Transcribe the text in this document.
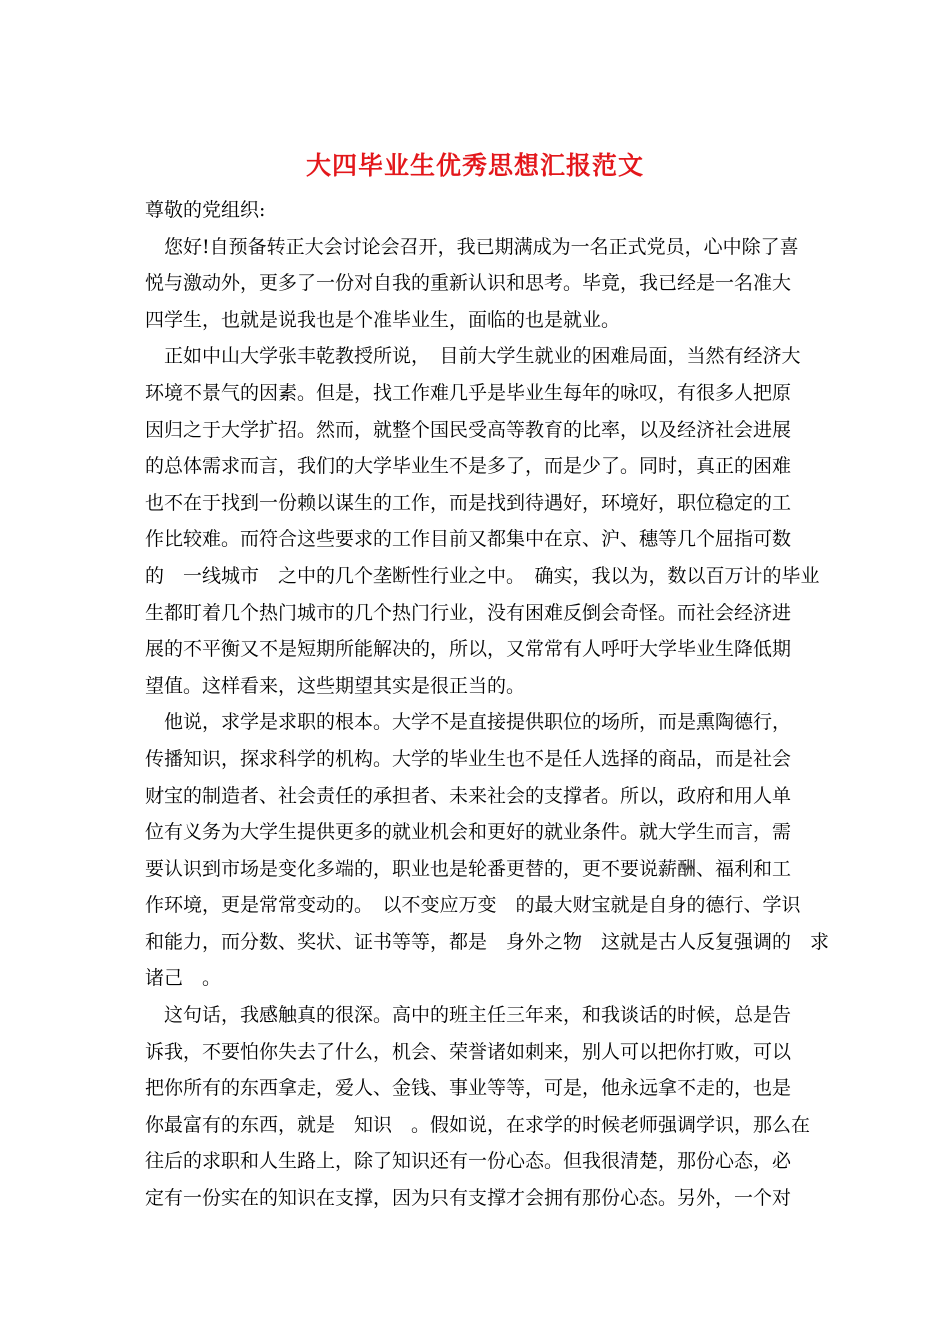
大四毕业生优秀思想汇报范文
尊敬的党组织:
　您好!自预备转正大会讨论会召开，我已期满成为一名正式党员，心中除了喜
悦与激动外，更多了一份对自我的重新认识和思考。毕竟，我已经是一名准大
四学生，也就是说我也是个准毕业生，面临的也是就业。
　正如中山大学张丰乾教授所说，　目前大学生就业的困难局面，当然有经济大
环境不景气的因素。但是，找工作难几乎是毕业生每年的咏叹，有很多人把原
因归之于大学扩招。然而，就整个国民受高等教育的比率，以及经济社会进展
的总体需求而言，我们的大学毕业生不是多了，而是少了。同时，真正的困难
也不在于找到一份赖以谋生的工作，而是找到待遇好，环境好，职位稳定的工
作比较难。而符合这些要求的工作目前又都集中在京、沪、穗等几个屈指可数
的　一线城市　之中的几个垄断性行业之中。　确实，我以为，数以百万计的毕业
生都盯着几个热门城市的几个热门行业，没有困难反倒会奇怪。而社会经济进
展的不平衡又不是短期所能解决的，所以，又常常有人呼吁大学毕业生降低期
望值。这样看来，这些期望其实是很正当的。
　他说，求学是求职的根本。大学不是直接提供职位的场所，而是熏陶德行，
传播知识，探求科学的机构。大学的毕业生也不是任人选择的商品，而是社会
财宝的制造者、社会责任的承担者、未来社会的支撑者。所以，政府和用人单
位有义务为大学生提供更多的就业机会和更好的就业条件。就大学生而言，需
要认识到市场是变化多端的，职业也是轮番更替的，更不要说薪酬、福利和工
作环境，更是常常变动的。　以不变应万变　的最大财宝就是自身的德行、学识
和能力，而分数、奖状、证书等等，都是　身外之物　这就是古人反复强调的　求
诸己　。
　这句话，我感触真的很深。高中的班主任三年来，和我谈话的时候，总是告
诉我，不要怕你失去了什么，机会、荣誉诸如刺来，别人可以把你打败，可以
把你所有的东西拿走，爱人、金钱、事业等等，可是，他永远拿不走的，也是
你最富有的东西，就是　知识　。假如说，在求学的时候老师强调学识，那么在
往后的求职和人生路上，除了知识还有一份心态。但我很清楚，那份心态，必
定有一份实在的知识在支撑，因为只有支撑才会拥有那份心态。另外，一个对
